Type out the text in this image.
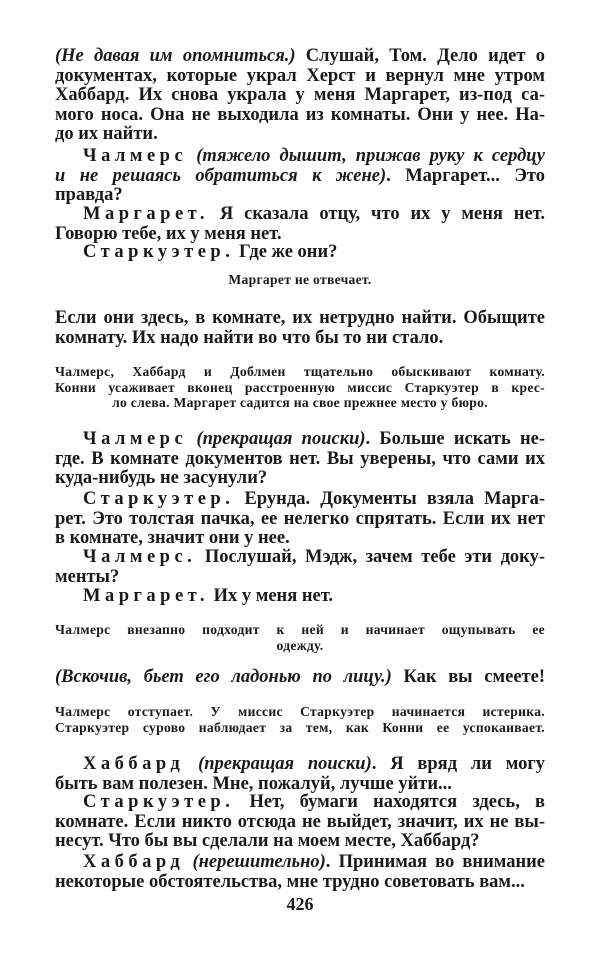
(Не давая им опомниться.) Слушай, Том. Дело идет о
документах, которые украл Херст и вернул мне утром
Хаббард. Их снова украла у меня Маргарет, из-под са-
мого носа. Она не выходила из комнаты. Они у нее. На-
до их найти.
Чалмерс (тяжело дышит, прижав руку к сердцу
и не решаясь обратиться к жене). Маргарет... Это
правда?
Маргарет. Я сказала отцу, что их у меня нет.
Говорю тебе, их у меня нет.
Старкуэтер. Где же они?
Маргарет не отвечает.
Если они здесь, в комнате, их нетрудно найти. Обыщите
комнату. Их надо найти во что бы то ни стало.
Чалмерс, Хаббард и Доблмен тщательно обыскивают комнату.
Конни усаживает вконец расстроенную миссис Старкуэтер в крес-
ло слева. Маргарет садится на свое прежнее место у бюро.
Чалмерс (прекращая поиски). Больше искать не-
где. В комнате документов нет. Вы уверены, что сами их
куда-нибудь не засунули?
Старкуэтер. Ерунда. Документы взяла Марга-
рет. Это толстая пачка, ее нелегко спрятать. Если их нет
в комнате, значит они у нее.
Чалмерс. Послушай, Мэдж, зачем тебе эти доку-
менты?
Маргарет. Их у меня нет.
Чалмерс внезапно подходит к ней и начинает ощупывать ее
одежду.
(Вскочив, бьет его ладонью по лицу.) Как вы смеете!
Чалмерс отступает. У миссис Старкуэтер начинается истерика.
Старкуэтер сурово наблюдает за тем, как Конни ее успокаивает.
Хаббард (прекращая поиски). Я вряд ли могу
быть вам полезен. Мне, пожалуй, лучше уйти...
Старкуэтер. Нет, бумаги находятся здесь, в
комнате. Если никто отсюда не выйдет, значит, их не вы-
несут. Что бы вы сделали на моем месте, Хаббард?
Хаббард (нерешительно). Принимая во внимание
некоторые обстоятельства, мне трудно советовать вам...
426
